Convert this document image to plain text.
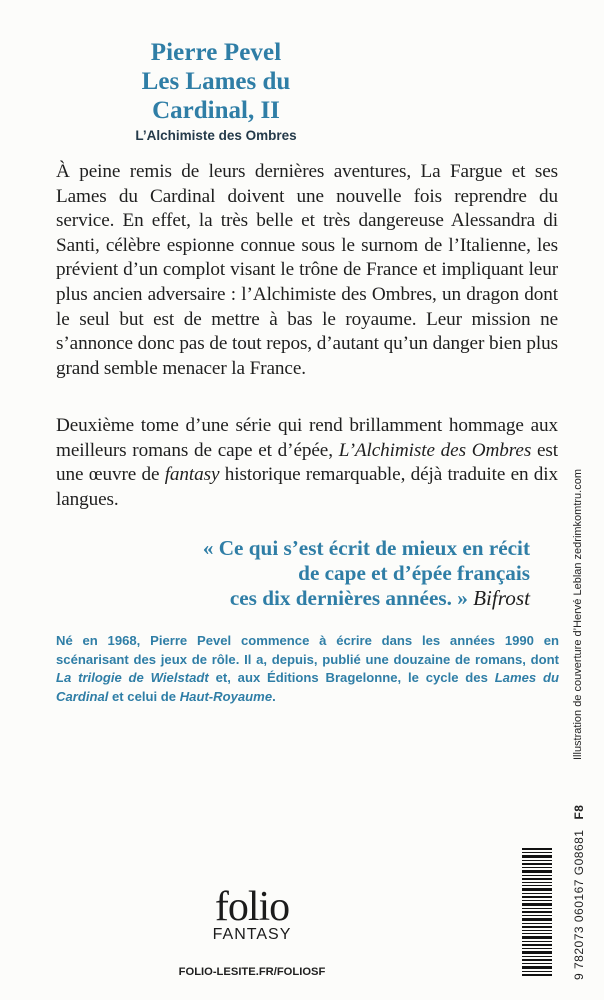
Pierre Pevel
Les Lames du Cardinal, II
L’Alchimiste des Ombres
À peine remis de leurs dernières aventures, La Fargue et ses Lames du Cardinal doivent une nouvelle fois reprendre du service. En effet, la très belle et très dangereuse Alessandra di Santi, célèbre espionne connue sous le surnom de l’Italienne, les prévient d’un complot visant le trône de France et impliquant leur plus ancien adversaire : l’Alchimiste des Ombres, un dragon dont le seul but est de mettre à bas le royaume. Leur mission ne s’annonce donc pas de tout repos, d’autant qu’un danger bien plus grand semble menacer la France.
Deuxième tome d’une série qui rend brillamment hommage aux meilleurs romans de cape et d’épée, L’Alchimiste des Ombres est une œuvre de fantasy historique remarquable, déjà traduite en dix langues.
« Ce qui s’est écrit de mieux en récit
de cape et d’épée français
ces dix dernières années. » Bifrost
Né en 1968, Pierre Pevel commence à écrire dans les années 1990 en scénarisant des jeux de rôle. Il a, depuis, publié une douzaine de romans, dont La trilogie de Wielstadt et, aux Éditions Bragelonne, le cycle des Lames du Cardinal et celui de Haut-Royaume.	Illustration de couverture d’Hervé Leblan zedrimkomtru.com
9 782073 060167 G08681F8
folio
FANTASY
FOLIO-LESITE.FR/FOLIOSF
